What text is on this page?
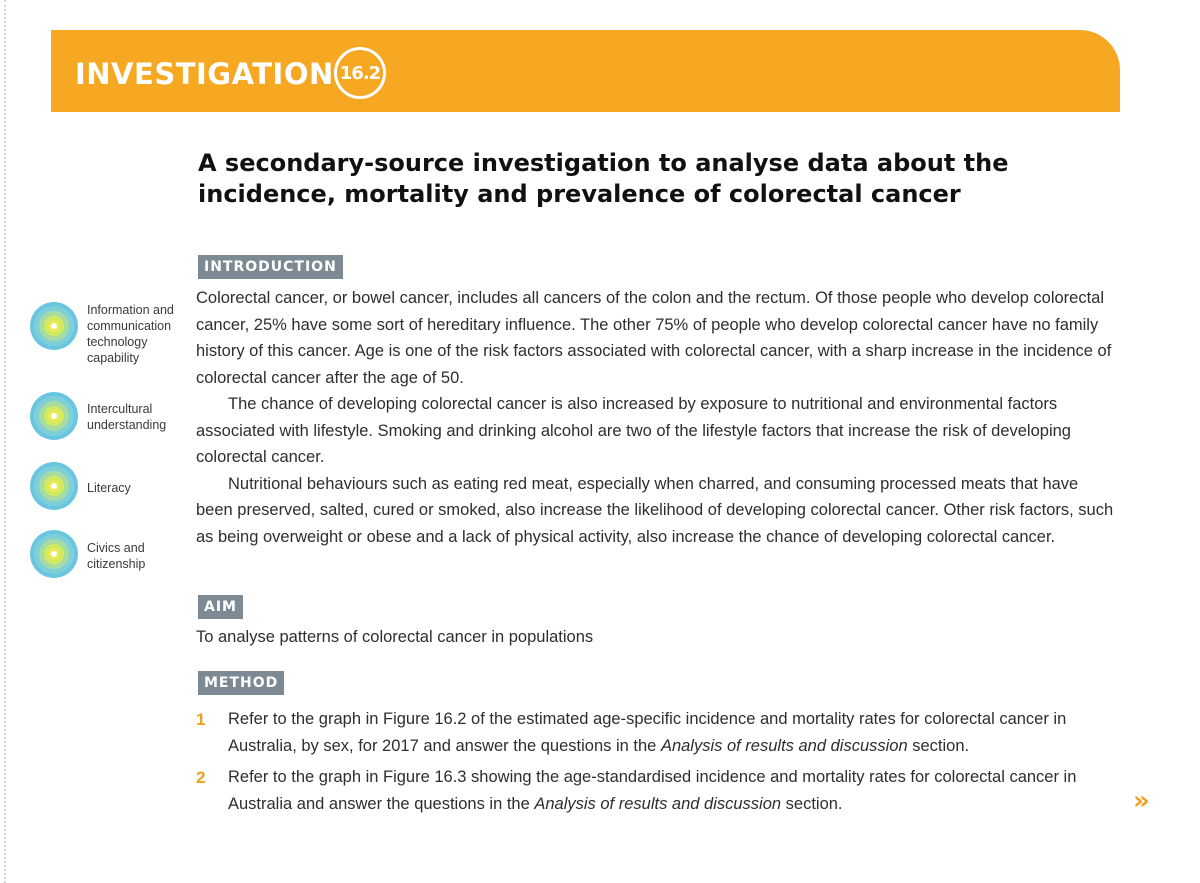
INVESTIGATION 16.2
A secondary-source investigation to analyse data about the
incidence, mortality and prevalence of colorectal cancer
Information and communication technology capability
Intercultural understanding
Literacy
Civics and citizenship
INTRODUCTION

Colorectal cancer, or bowel cancer, includes all cancers of the colon and the rectum. Of those people who develop colorectal cancer, 25% have some sort of hereditary influence. The other 75% of people who develop colorectal cancer have no family history of this cancer. Age is one of the risk factors associated with colorectal cancer, with a sharp increase in the incidence of colorectal cancer after the age of 50.

The chance of developing colorectal cancer is also increased by exposure to nutritional and environmental factors associated with lifestyle. Smoking and drinking alcohol are two of the lifestyle factors that increase the risk of developing colorectal cancer.

Nutritional behaviours such as eating red meat, especially when charred, and consuming processed meats that have been preserved, salted, cured or smoked, also increase the likelihood of developing colorectal cancer. Other risk factors, such as being overweight or obese and a lack of physical activity, also increase the chance of developing colorectal cancer.

AIM
To analyse patterns of colorectal cancer in populations
METHOD
1 Refer to the graph in Figure 16.2 of the estimated age-specific incidence and mortality rates for colorectal cancer in Australia, by sex, for 2017 and answer the questions in the Analysis of results and discussion section.
2 Refer to the graph in Figure 16.3 showing the age-standardised incidence and mortality rates for colorectal cancer in Australia and answer the questions in the Analysis of results and discussion section.	»
